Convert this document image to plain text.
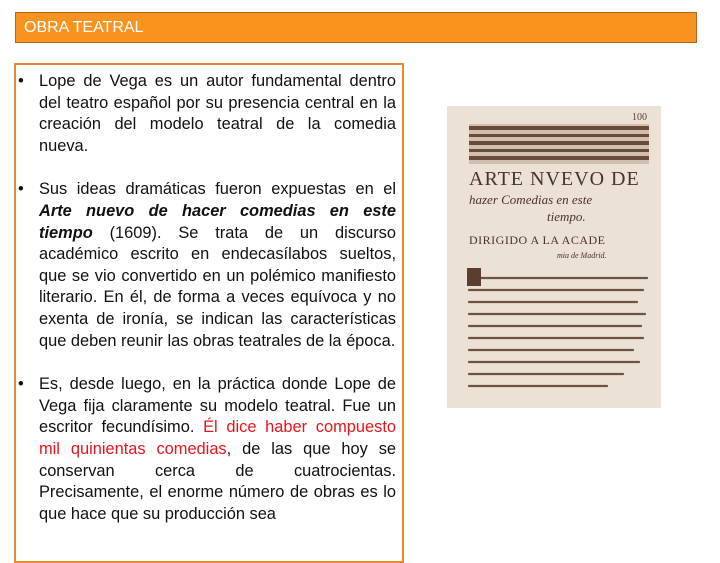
OBRA TEATRAL
• Lope de Vega es un autor fundamental dentro del teatro español por su presencia central en la creación del modelo teatral de la comedia nueva.
• Sus ideas dramáticas fueron expuestas en el Arte nuevo de hacer comedias en este tiempo (1609). Se trata de un discurso académico escrito en endecasílabos sueltos, que se vio convertido en un polémico manifiesto literario. En él, de forma a veces equívoca y no exenta de ironía, se indican las características que deben reunir las obras teatrales de la época.
• Es, desde luego, en la práctica donde Lope de Vega fija claramente su modelo teatral. Fue un escritor fecundísimo. Él dice haber compuesto mil quinientas comedias, de las que hoy se conservan cerca de cuatrocientas. Precisamente, el enorme número de obras es lo que hace que su producción sea
100
ARTE NVEVO DE
hazer Comedias en este
tiempo.
DIRIGIDO A LA ACADE
mia de Madrid.
